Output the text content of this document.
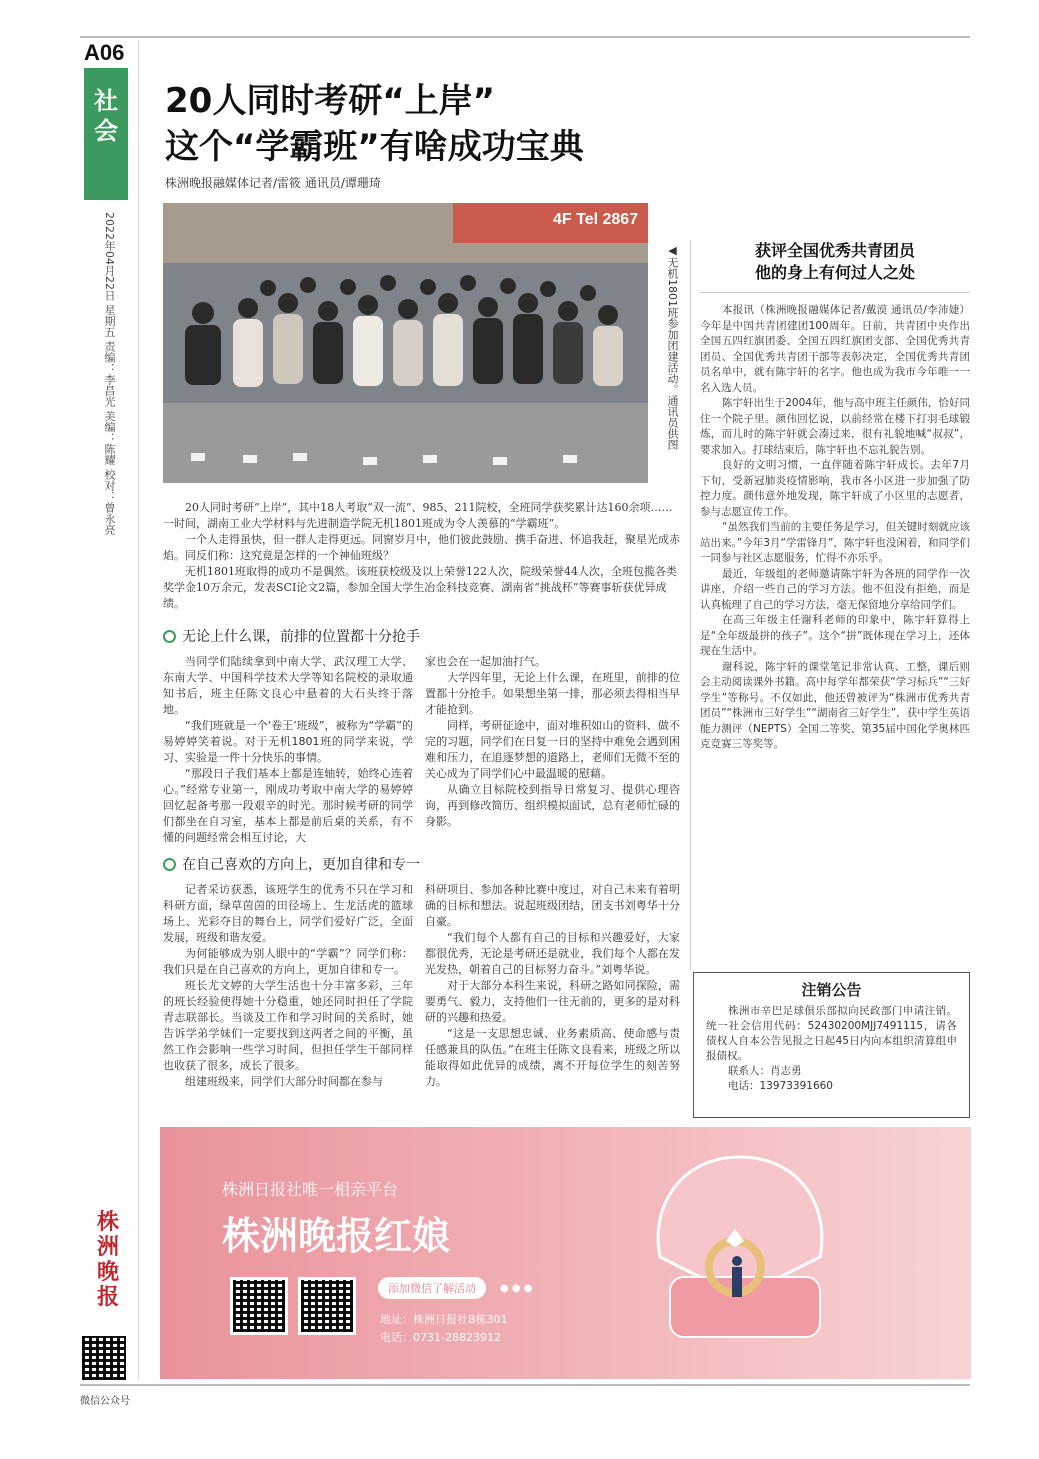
A06
社会
2022年04月22日 星期五 责编：李昌光 美编：陈耀 校对：曾永亮
20人同时考研“上岸”
这个“学霸班”有啥成功宝典
株洲晚报融媒体记者/雷筱 通讯员/谭珊琦
4F Tel 2867
◀无机1801班参加团建活动。通讯员供图

20人同时考研“上岸”，其中18人考取“双一流”、985、211院校，全班同学获奖累计达160余项……一时间，湖南工业大学材料与先进制造学院无机1801班成为令人羡慕的“学霸班”。

一个人走得虽快，但一群人走得更远。同窗岁月中，他们彼此鼓励、携手奋进、怀追我赶，聚星光成赤焰。同反们称：这究竟是怎样的一个神仙班级？

无机1801班取得的成功不是偶然。该班获校级及以上荣誉122人次，院级荣誉44人次，全班包揽各类奖学金10万余元，发表SCI论文2篇，参加全国大学生冶金科技竞赛、湖南省“挑战杯”等赛事斩获优异成绩。

无论上什么课，前排的位置都十分抢手

当同学们陆续拿到中南大学、武汉理工大学、东南大学、中国科学技术大学等知名院校的录取通知书后，班主任陈文良心中悬着的大石头终于落地。

“我们班就是一个‘卷王’班级”，被称为“学霸”的易婷婷笑着说。对于无机1801班的同学来说，学习、实验是一件十分快乐的事情。

“那段日子我们基本上都是连轴转，始终心连着心。”经常专业第一，刚成功考取中南大学的易婷婷回忆起备考那一段艰辛的时光。那时候考研的同学们都坐在自习室，基本上都是前后桌的关系，有不懂的问题经常会相互讨论，大

家也会在一起加油打气。

大学四年里，无论上什么课，在班里，前排的位置都十分抢手。如果想坐第一排，那必须去得相当早才能抢到。

同样，考研征途中，面对堆积如山的资料、做不完的习题，同学们在日复一日的坚持中难免会遇到困难和压力，在追逐梦想的道路上，老师们无微不至的关心成为了同学们心中最温暖的慰藉。

从确立目标院校到指导日常复习、提供心理咨询，再到修改简历、组织模拟面试，总有老师忙碌的身影。

在自己喜欢的方向上，更加自律和专一

记者采访获悉，该班学生的优秀不只在学习和科研方面，绿草茵茵的田径场上、生龙活虎的篮球场上、光彩夺目的舞台上，同学们爱好广泛，全面发展，班级和谐友爱。

为何能够成为别人眼中的“学霸”？同学们称：我们只是在自己喜欢的方向上，更加自律和专一。

班长尤文婷的大学生活也十分丰富多彩，三年的班长经验使得她十分稳重，她还同时担任了学院青志联部长。当谈及工作和学习时间的关系时，她告诉学弟学妹们一定要找到这两者之间的平衡，虽然工作会影响一些学习时间，但担任学生干部同样也收获了很多，成长了很多。

组建班级来，同学们大部分时间都在参与

科研项目、参加各种比赛中度过，对自己未来有着明确的目标和想法。说起班级团结，团支书刘粤华十分自豪。

“我们每个人都有自己的目标和兴趣爱好，大家都很优秀，无论是考研还是就业，我们每个人都在发光发热，朝着自己的目标努力奋斗。”刘粤华说。

对于大部分本科生来说，科研之路如同探险，需要勇气、毅力，支持他们一往无前的，更多的是对科研的兴趣和热爱。

“这是一支思想忠诚、业务素质高、使命感与责任感兼具的队伍。”在班主任陈文良看来，班级之所以能取得如此优异的成绩，离不开每位学生的刻苦努力。

获评全国优秀共青团员
他的身上有何过人之处

本报讯（株洲晚报融媒体记者/戴漠 通讯员/李沛婕）今年是中国共青团建团100周年。日前，共青团中央作出全国五四红旗团委、全国五四红旗团支部、全国优秀共青团员、全国优秀共青团干部等表彰决定，全国优秀共青团员名单中，就有陈宇轩的名字。他也成为我市今年唯一一名入选人员。

陈宇轩出生于2004年，他与高中班主任颜伟，恰好同住一个院子里。颜伟回忆说，以前经常在楼下打羽毛球锻炼，而儿时的陈宇轩就会凑过来，很有礼貌地喊“叔叔”，要求加入。打球结束后，陈宇轩也不忘礼貌告别。

良好的文明习惯，一直伴随着陈宇轩成长。去年7月下旬，受新冠肺炎疫情影响，我市各小区进一步加强了防控力度。颜伟意外地发现，陈宇轩成了小区里的志愿者，参与志愿宣传工作。

“虽然我们当前的主要任务是学习，但关键时刻就应该站出来。”今年3月“学雷锋月”，陈宇轩也没闲着，和同学们一同参与社区志愿服务，忙得不亦乐乎。

最近，年级组的老师邀请陈宇轩为各班的同学作一次讲座，介绍一些自己的学习方法。他不但没有拒绝，而是认真梳理了自己的学习方法，毫无保留地分享给同学们。

在高三年级主任谢科老师的印象中，陈宇轩算得上是“全年级最拼的孩子”。这个“拼”既体现在学习上，还体现在生活中。

谢科说，陈宇轩的课堂笔记非常认真、工整，课后则会主动阅读课外书籍。高中每学年都荣获“学习标兵”“三好学生”等称号。不仅如此，他还曾被评为“株洲市优秀共青团员”“株洲市三好学生”“湖南省三好学生”，获中学生英语能力测评（NEPTS）全国二等奖、第35届中国化学奥林匹克竞赛三等奖等。

注销公告

株洲市辛巴足球俱乐部拟向民政部门申请注销。统一社会信用代码：52430200MJJ7491115，请各债权人自本公告见报之日起45日内向本组织清算组申报债权。

联系人：肖志勇

电话：13973391660

株洲日报社唯一相亲平台
株洲晚报红娘
添加微信了解活动	● ● ●
地址：株洲日报社B栋301
电话：0731-28823912
株洲晚报
微信公众号
